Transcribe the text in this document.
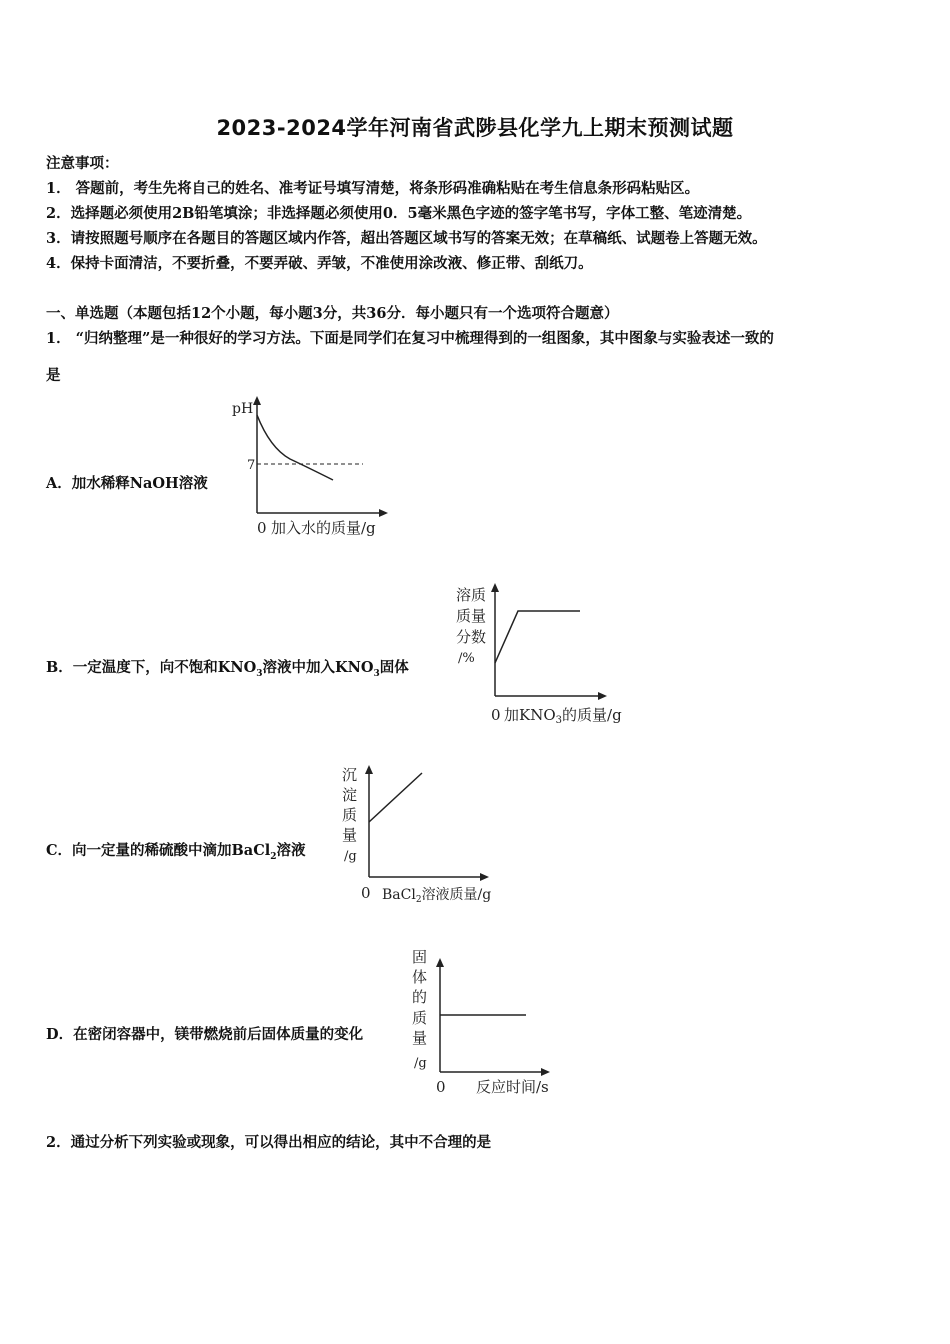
2023-2024学年河南省武陟县化学九上期末预测试题
注意事项：
1． 答题前，考生先将自己的姓名、准考证号填写清楚，将条形码准确粘贴在考生信息条形码粘贴区。
2．选择题必须使用2B铅笔填涂；非选择题必须使用0．5毫米黑色字迹的签字笔书写，字体工整、笔迹清楚。
3．请按照题号顺序在各题目的答题区域内作答，超出答题区域书写的答案无效；在草稿纸、试题卷上答题无效。
4．保持卡面清洁，不要折叠，不要弄破、弄皱，不准使用涂改液、修正带、刮纸刀。
一、单选题（本题包括12个小题，每小题3分，共36分．每小题只有一个选项符合题意）
1． “归纳整理”是一种很好的学习方法。下面是同学们在复习中梳理得到的一组图象，其中图象与实验表述一致的
是
A．加水稀释NaOH溶液
pH
7
0 加入水的质量/g
B．一定温度下，向不饱和$KNO_3$溶液中加入$KNO_3$固体
溶质
质量
分数
/%
0 加$KNO_3$的质量/g
C．向一定量的稀硫酸中滴加BaCl$_2$溶液
沉
淀
质
量
/g
0 BaCl$_2$溶液质量/g
D．在密闭容器中，镁带燃烧前后固体质量的变化
固
体
的
质
量
/g
0 反应时间/s
2．通过分析下列实验或现象，可以得出相应的结论，其中不合理的是
